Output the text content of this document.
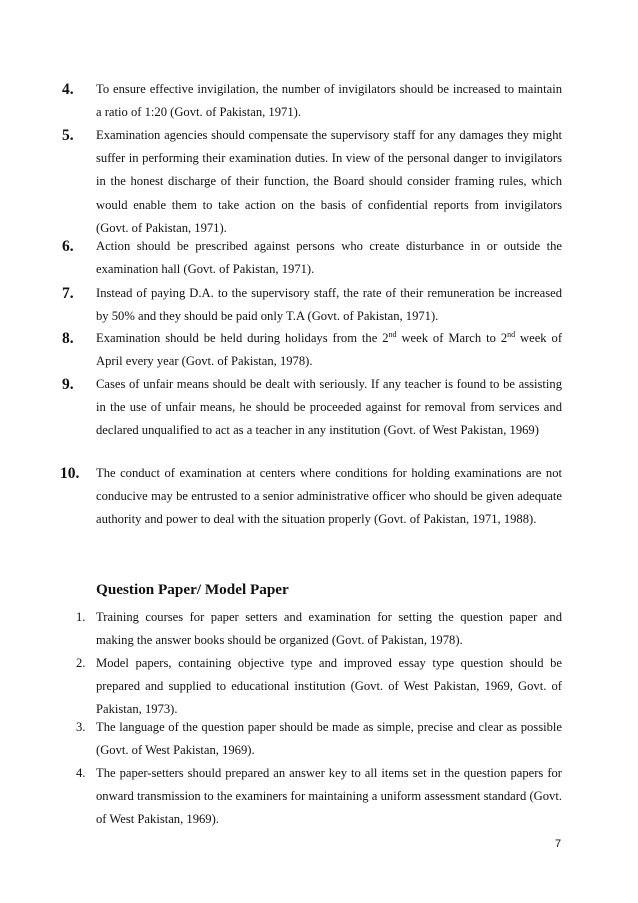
4. To ensure effective invigilation, the number of invigilators should be increased to maintain a ratio of 1:20 (Govt. of Pakistan, 1971).
5. Examination agencies should compensate the supervisory staff for any damages they might suffer in performing their examination duties. In view of the personal danger to invigilators in the honest discharge of their function, the Board should consider framing rules, which would enable them to take action on the basis of confidential reports from invigilators (Govt. of Pakistan, 1971).
6. Action should be prescribed against persons who create disturbance in or outside the examination hall (Govt. of Pakistan, 1971).
7. Instead of paying D.A. to the supervisory staff, the rate of their remuneration be increased by 50% and they should be paid only T.A (Govt. of Pakistan, 1971).
8. Examination should be held during holidays from the 2nd week of March to 2nd week of April every year (Govt. of Pakistan, 1978).
9. Cases of unfair means should be dealt with seriously. If any teacher is found to be assisting in the use of unfair means, he should be proceeded against for removal from services and declared unqualified to act as a teacher in any institution (Govt. of West Pakistan, 1969)
10. The conduct of examination at centers where conditions for holding examinations are not conducive may be entrusted to a senior administrative officer who should be given adequate authority and power to deal with the situation properly (Govt. of Pakistan, 1971, 1988).
Question Paper/ Model Paper
1. Training courses for paper setters and examination for setting the question paper and making the answer books should be organized (Govt. of Pakistan, 1978).
2. Model papers, containing objective type and improved essay type question should be prepared and supplied to educational institution (Govt. of West Pakistan, 1969, Govt. of Pakistan, 1973).
3. The language of the question paper should be made as simple, precise and clear as possible (Govt. of West Pakistan, 1969).
4. The paper-setters should prepared an answer key to all items set in the question papers for onward transmission to the examiners for maintaining a uniform assessment standard (Govt. of West Pakistan, 1969).
7
